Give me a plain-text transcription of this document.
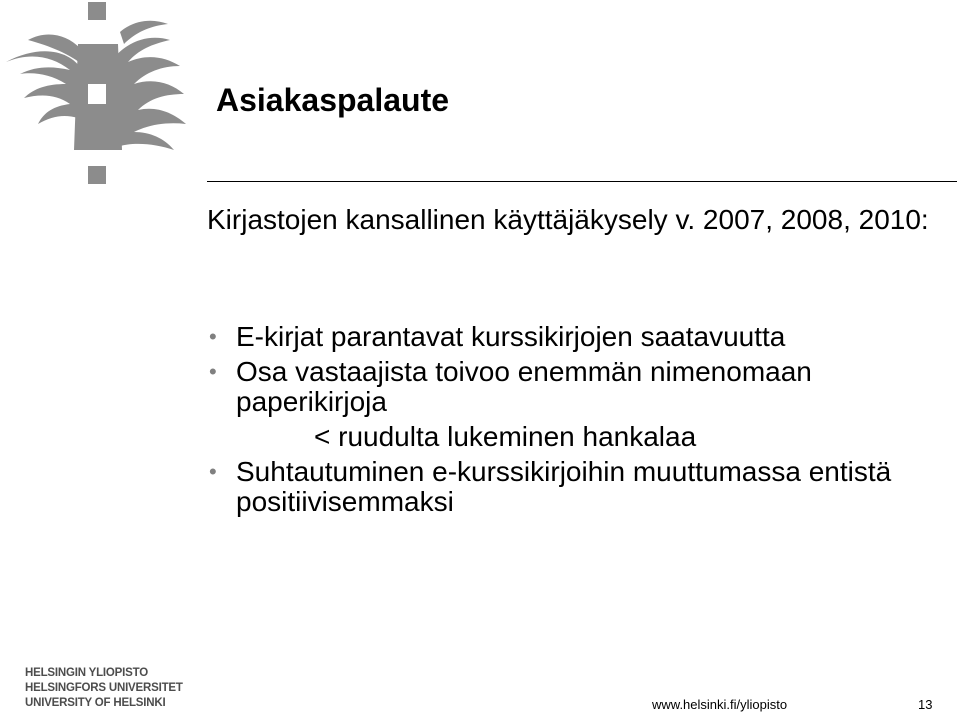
Asiakaspalaute
Kirjastojen kansallinen käyttäjäkysely v. 2007, 2008, 2010:
• E-kirjat parantavat kurssikirjojen saatavuutta
• Osa vastaajista toivoo enemmän nimenomaan paperikirjoja
< ruudulta lukeminen hankalaa
• Suhtautuminen e-kurssikirjoihin muuttumassa entistä positiivisemmaksi
HELSINGIN YLIOPISTO
HELSINGFORS UNIVERSITET
UNIVERSITY OF HELSINKI	www.helsinki.fi/yliopisto	13
